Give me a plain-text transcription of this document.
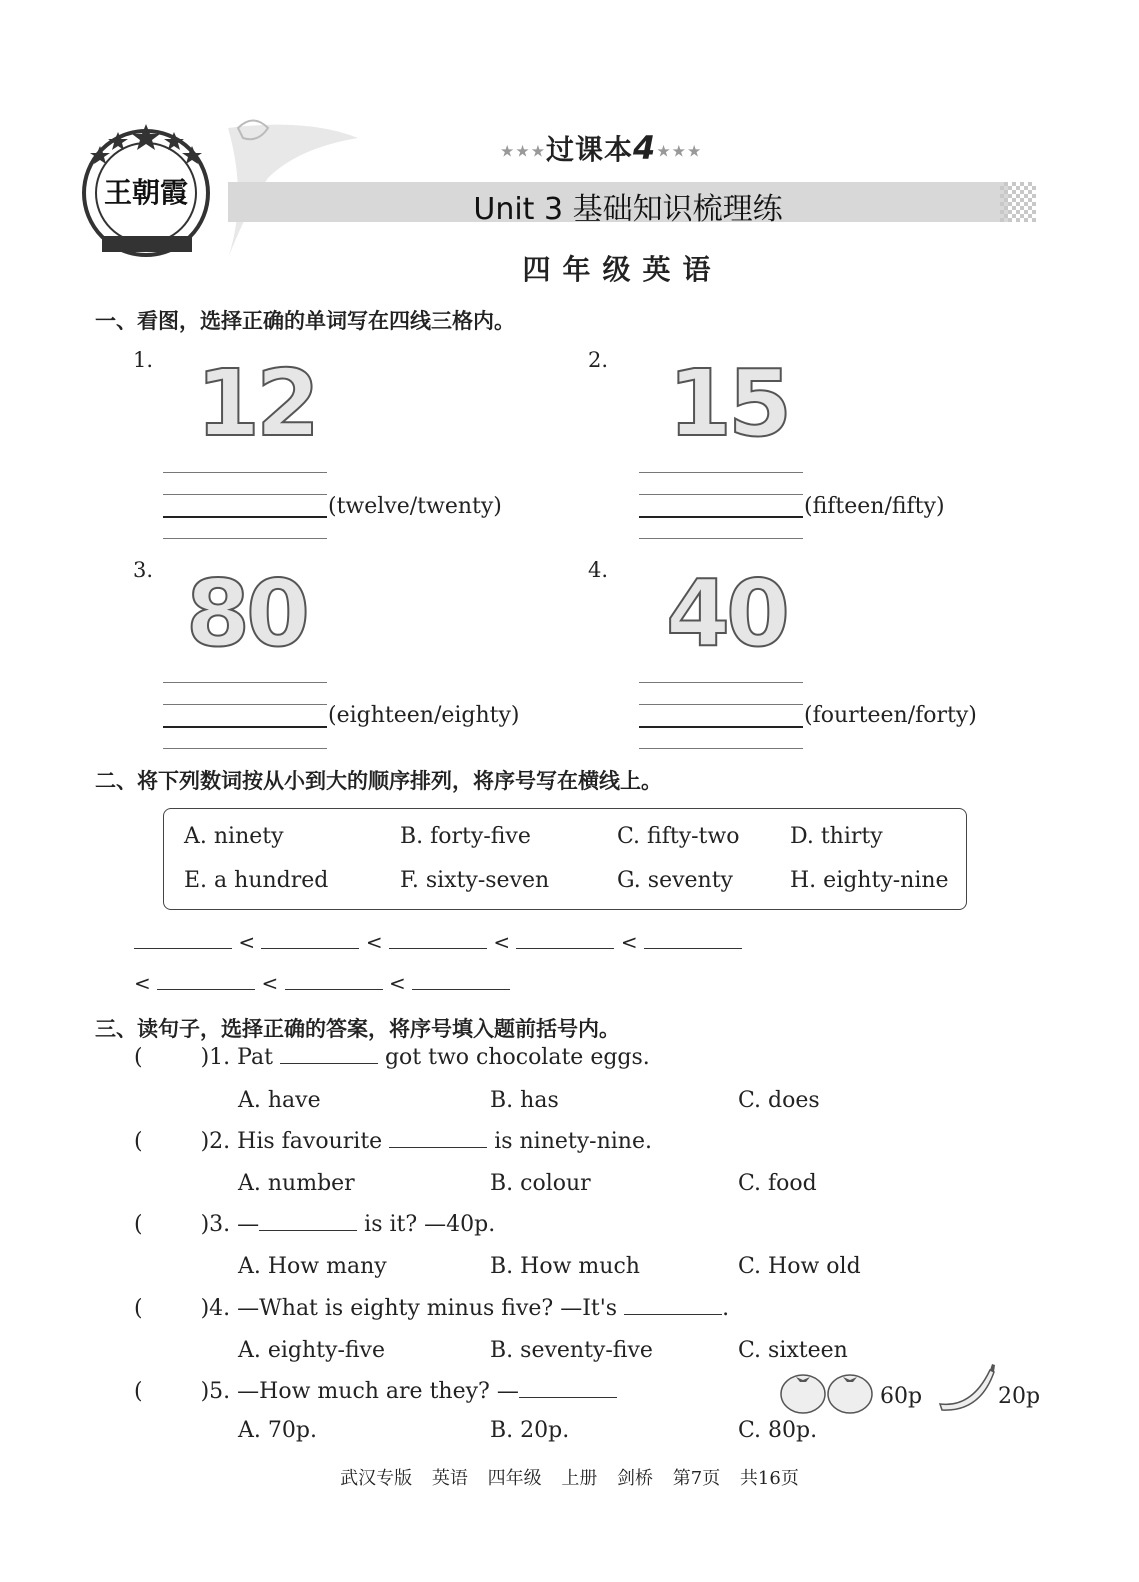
王朝霞
★★★过课本4★★★
Unit 3 基础知识梳理练
四年级英语
一、看图，选择正确的单词写在四线三格内。
1. 12
(twelve/twenty)
2. 15
(fifteen/fifty)
3. 80
(eighteen/eighty)
4. 40
(fourteen/forty)
二、将下列数词按从小到大的顺序排列，将序号写在横线上。
A. ninety	B. forty-five	C. fifty-two D. thirty
E. a hundred	F. sixty-seven	G. seventy	H. eighty-nine
<	<	<	<
<	<	<
三、读句子，选择正确的答案，将序号填入题前括号内。
(	)1. Pat	got two chocolate eggs.
A. have	B. has	C. does
(	)2. His favourite	is ninety-nine.
A. number	B. colour	C. food
(	)3. —	is it? —40p.
A. How many	B. How much	C. How old
(	)4. —What is eighty minus five? —It's	.
A. eighty-five	B. seventy-five	C. sixteen
(	)5. —How much are they? —	60p	20p
A. 70p.	B. 20p.	C. 80p.
武汉专版 英语 四年级 上册 剑桥 第7页 共16页
